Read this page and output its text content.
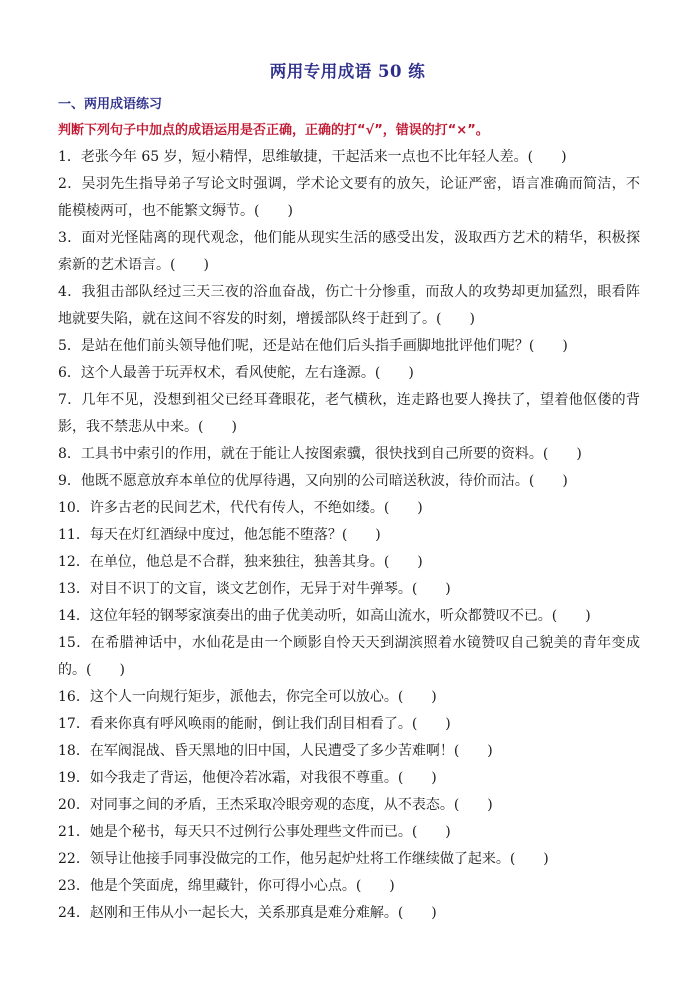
两用专用成语 50 练
一、两用成语练习
判断下列句子中加点的成语运用是否正确，正确的打“√”，错误的打“×”。
1．老张今年 65 岁，短小精悍，思维敏捷，干起活来一点也不比年轻人差。(　　)
2．吴羽先生指导弟子写论文时强调，学术论文要有的放矢，论证严密，语言准确而简洁，不能模棱两可，也不能繁文缛节。(　　)
3．面对光怪陆离的现代观念，他们能从现实生活的感受出发，汲取西方艺术的精华，积极探索新的艺术语言。(　　)
4．我狙击部队经过三天三夜的浴血奋战，伤亡十分惨重，而敌人的攻势却更加猛烈，眼看阵地就要失陷，就在这间不容发的时刻，增援部队终于赶到了。(　　)
5．是站在他们前头领导他们呢，还是站在他们后头指手画脚地批评他们呢？(　　)
6．这个人最善于玩弄权术，看风使舵，左右逢源。(　　)
7．几年不见，没想到祖父已经耳聋眼花，老气横秋，连走路也要人搀扶了，望着他伛偻的背影，我不禁悲从中来。(　　)
8．工具书中索引的作用，就在于能让人按图索骥，很快找到自己所要的资料。(　　)
9．他既不愿意放弃本单位的优厚待遇，又向别的公司暗送秋波，待价而沽。(　　)
10．许多古老的民间艺术，代代有传人，不绝如缕。(　　)
11．每天在灯红酒绿中度过，他怎能不堕落？(　　)
12．在单位，他总是不合群，独来独往，独善其身。(　　)
13．对目不识丁的文盲，谈文艺创作，无异于对牛弹琴。(　　)
14．这位年轻的钢琴家演奏出的曲子优美动听，如高山流水，听众都赞叹不已。(　　)
15．在希腊神话中，水仙花是由一个顾影自怜天天到湖滨照着水镜赞叹自己貌美的青年变成的。(　　)
16．这个人一向规行矩步，派他去，你完全可以放心。(　　)
17．看来你真有呼风唤雨的能耐，倒让我们刮目相看了。(　　)
18．在军阀混战、昏天黑地的旧中国，人民遭受了多少苦难啊！(　　)
19．如今我走了背运，他便冷若冰霜，对我很不尊重。(　　)
20．对同事之间的矛盾，王杰采取冷眼旁观的态度，从不表态。(　　)
21．她是个秘书，每天只不过例行公事处理些文件而已。(　　)
22．领导让他接手同事没做完的工作，他另起炉灶将工作继续做了起来。(　　)
23．他是个笑面虎，绵里藏针，你可得小心点。(　　)
24．赵刚和王伟从小一起长大，关系那真是难分难解。(　　)
